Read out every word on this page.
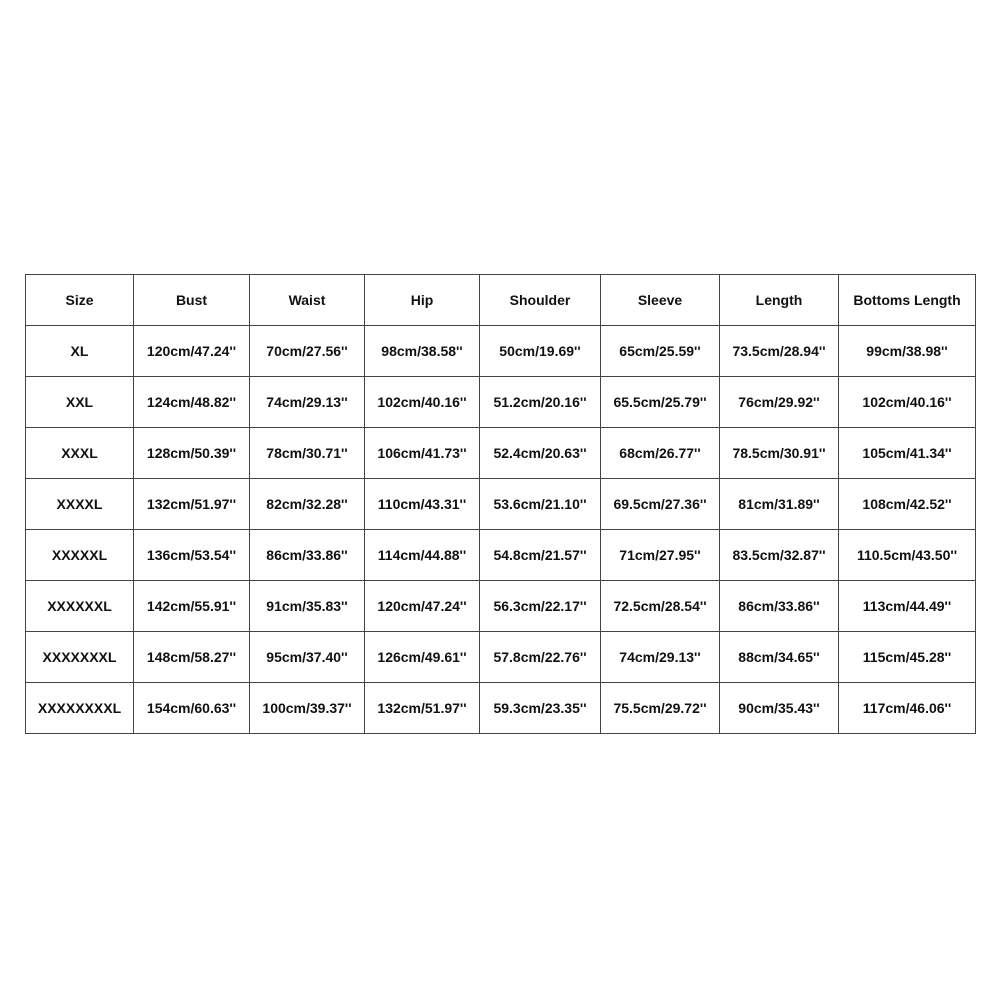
Size	Bust	Waist	Hip	Shoulder	Sleeve	Length	Bottoms Length
XL	120cm/47.24''	70cm/27.56''	98cm/38.58''	50cm/19.69''	65cm/25.59''	73.5cm/28.94''	99cm/38.98''
XXL	124cm/48.82''	74cm/29.13''	102cm/40.16''	51.2cm/20.16''	65.5cm/25.79''	76cm/29.92''	102cm/40.16''
XXXL	128cm/50.39''	78cm/30.71''	106cm/41.73''	52.4cm/20.63''	68cm/26.77''	78.5cm/30.91''	105cm/41.34''
XXXXL	132cm/51.97''	82cm/32.28''	110cm/43.31''	53.6cm/21.10''	69.5cm/27.36''	81cm/31.89''	108cm/42.52''
XXXXXL	136cm/53.54''	86cm/33.86''	114cm/44.88''	54.8cm/21.57''	71cm/27.95''	83.5cm/32.87''	110.5cm/43.50''
XXXXXXL	142cm/55.91''	91cm/35.83''	120cm/47.24''	56.3cm/22.17''	72.5cm/28.54''	86cm/33.86''	113cm/44.49''
XXXXXXXL	148cm/58.27''	95cm/37.40''	126cm/49.61''	57.8cm/22.76''	74cm/29.13''	88cm/34.65''	115cm/45.28''
XXXXXXXXL	154cm/60.63''	100cm/39.37''	132cm/51.97''	59.3cm/23.35''	75.5cm/29.72''	90cm/35.43''	117cm/46.06''
